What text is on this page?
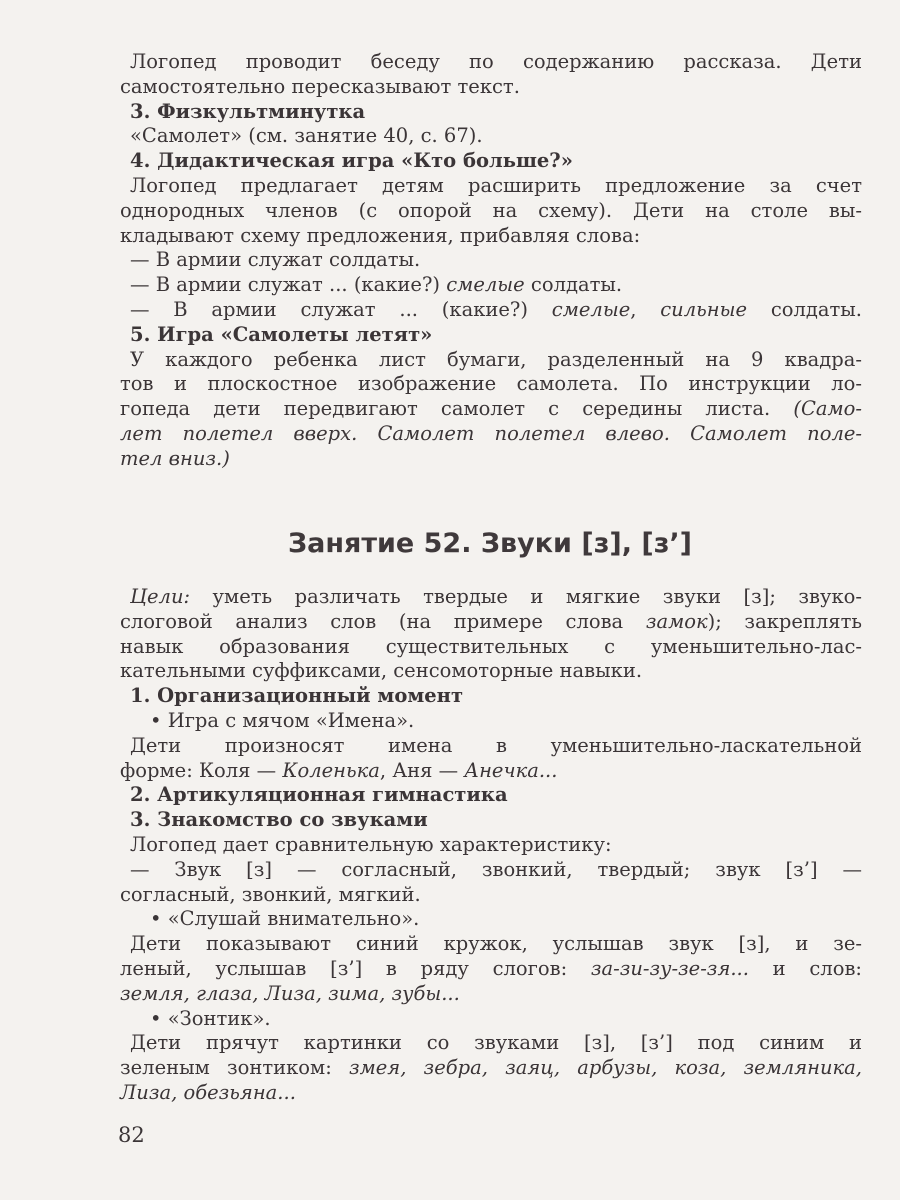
Логопед проводит беседу по содержанию рассказа. Дети
самостоятельно пересказывают текст.
3. Физкультминутка
«Самолет» (см. занятие 40, с. 67).
4. Дидактическая игра «Кто больше?»
Логопед предлагает детям расширить предложение за счет
однородных членов (с опорой на схему). Дети на столе вы-
кладывают схему предложения, прибавляя слова:
— В армии служат солдаты.
— В армии служат ... (какие?) смелые солдаты.
— В армии служат ... (какие?) смелые, сильные солдаты.
5. Игра «Самолеты летят»
У каждого ребенка лист бумаги, разделенный на 9 квадра-
тов и плоскостное изображение самолета. По инструкции ло-
гопеда дети передвигают самолет с середины листа. (Само-
лет полетел вверх. Самолет полетел влево. Самолет поле-
тел вниз.)
Занятие 52. Звуки [з], [з’]
Цели: уметь различать твердые и мягкие звуки [з]; звуко-
слоговой анализ слов (на примере слова замок); закреплять
навык образования существительных с уменьшительно-лас-
кательными суффиксами, сенсомоторные навыки.
1. Организационный момент
• Игра с мячом «Имена».
Дети произносят имена в уменьшительно-ласкательной
форме: Коля — Коленька, Аня — Анечка...
2. Артикуляционная гимнастика
3. Знакомство со звуками
Логопед дает сравнительную характеристику:
— Звук [з] — согласный, звонкий, твердый; звук [з’] —
согласный, звонкий, мягкий.
• «Слушай внимательно».
Дети показывают синий кружок, услышав звук [з], и зе-
леный, услышав [з’] в ряду слогов: за-зи-зу-зе-зя... и слов:
земля, глаза, Лиза, зима, зубы...
• «Зонтик».
Дети прячут картинки со звуками [з], [з’] под синим и
зеленым зонтиком: змея, зебра, заяц, арбузы, коза, земляника,
Лиза, обезьяна...
82
